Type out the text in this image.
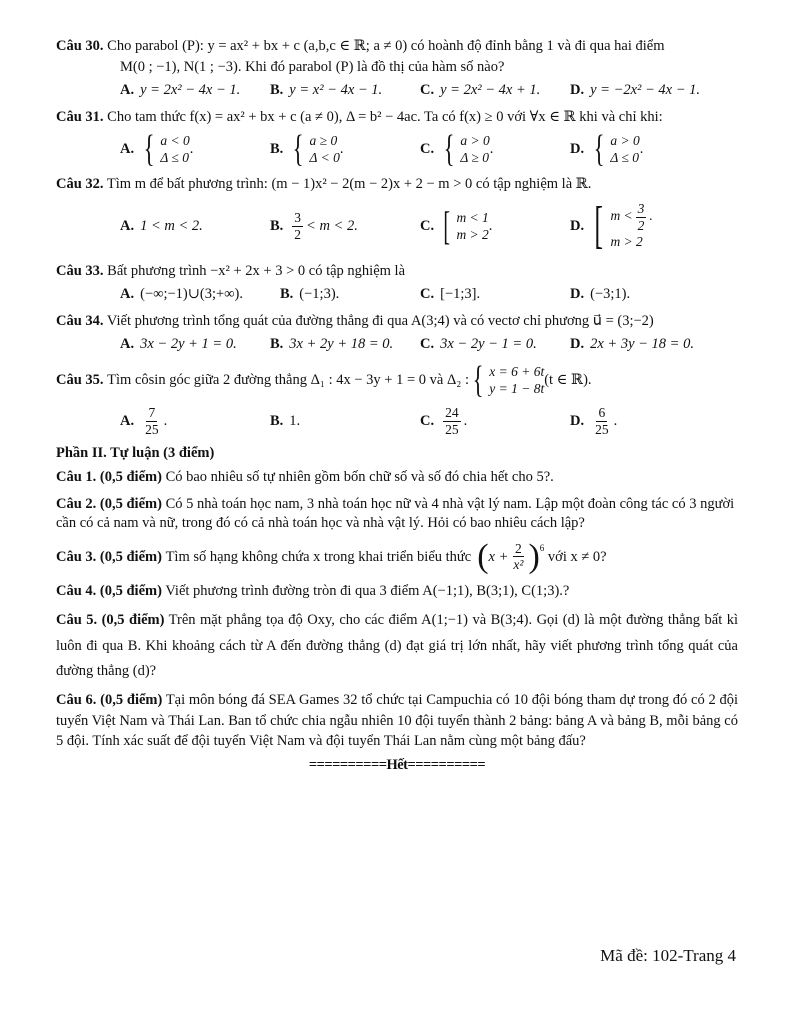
Câu 30. Cho parabol (P): y = ax² + bx + c (a,b,c ∈ ℝ; a ≠ 0) có hoành độ đỉnh bằng 1 và đi qua hai điểm
M(0 ; −1), N(1 ; −3). Khi đó parabol (P) là đồ thị của hàm số nào?
A. y = 2x² − 4x − 1. B. y = x² − 4x − 1.	C. y = 2x² − 4x + 1. D. y = −2x² − 4x − 1.
Câu 31. Cho tam thức f(x) = ax² + bx + c (a ≠ 0), Δ = b² − 4ac. Ta có f(x) ≥ 0 với ∀x ∈ ℝ khi và chỉ khi:
A. { a < 0
Δ ≤ 0
.	B. { a ≥ 0
Δ < 0
.	C. { a > 0
Δ ≥ 0
.	D. { a > 0
Δ ≤ 0
.
Câu 32. Tìm m để bất phương trình: (m − 1)x² − 2(m − 2)x + 2 − m > 0 có tập nghiệm là ℝ.
A. 1 < m < 2.	B. $\frac{3}{2} < m < 2$.	C. [ m < 1
m > 2
.	D. [ $m < \frac{3}{2}$ .
m > 2
Câu 33. Bất phương trình −x² + 2x + 3 > 0 có tập nghiệm là
A. (−∞;−1)∪(3;+∞).	B. (−1;3).	C. [−1;3].	D. (−3;1).
Câu 34. Viết phương trình tổng quát của đường thẳng đi qua A(3;4) và có vectơ chỉ phương u⃗ = (3;−2)
A. 3x − 2y + 1 = 0. B. 3x + 2y + 18 = 0. C. 3x − 2y − 1 = 0. D. 2x + 3y − 18 = 0.
Câu 35.
Tìm côsin góc giữa 2 đường thẳng Δ₁ : 4x − 3y + 1 = 0 và Δ₂ : { x = 6 + 6t
y = 1 − 8t
(t ∈ ℝ).
A. $\frac{7}{25}$ .	B. 1.	C. $\frac{24}{25}$ .	D. $\frac{6}{25}$ .
Phần II. Tự luận (3 điểm)
Câu 1. (0,5 điểm) Có bao nhiêu số tự nhiên gồm bốn chữ số và số đó chia hết cho 5?.
Câu 2. (0,5 điểm) Có 5 nhà toán học nam, 3 nhà toán học nữ và 4 nhà vật lý nam. Lập một đoàn công tác có 3 người cần có cả nam và nữ, trong đó có cả nhà toán học và nhà vật lý. Hỏi có bao nhiêu cách lập?
Câu 3. (0,5 điểm)
Tìm số hạng không chứa x trong khai triển biểu thức ( $x + \frac{2}{\text{x²}} )^6$

với x ≠ 0?
Câu 4. (0,5 điểm) Viết phương trình đường tròn đi qua 3 điểm A(−1;1), B(3;1), C(1;3).?
Câu 5. (0,5 điểm) Trên mặt phẳng tọa độ Oxy, cho các điểm A(1;−1) và B(3;4). Gọi (d) là một đường thẳng bất kì luôn đi qua B. Khi khoảng cách từ A đến đường thẳng (d) đạt giá trị lớn nhất, hãy viết phương trình tổng quát của đường thẳng (d)?
Câu 6. (0,5 điểm) Tại môn bóng đá SEA Games 32 tổ chức tại Campuchia có 10 đội bóng tham dự trong đó có 2 đội tuyển Việt Nam và Thái Lan. Ban tổ chức chia ngẫu nhiên 10 đội tuyển thành 2 bảng: bảng A và bảng B, mỗi bảng có 5 đội. Tính xác suất để đội tuyển Việt Nam và đội tuyển Thái Lan nằm cùng một bảng đấu?
==========Hết==========
Mã đề: 102-Trang 4
